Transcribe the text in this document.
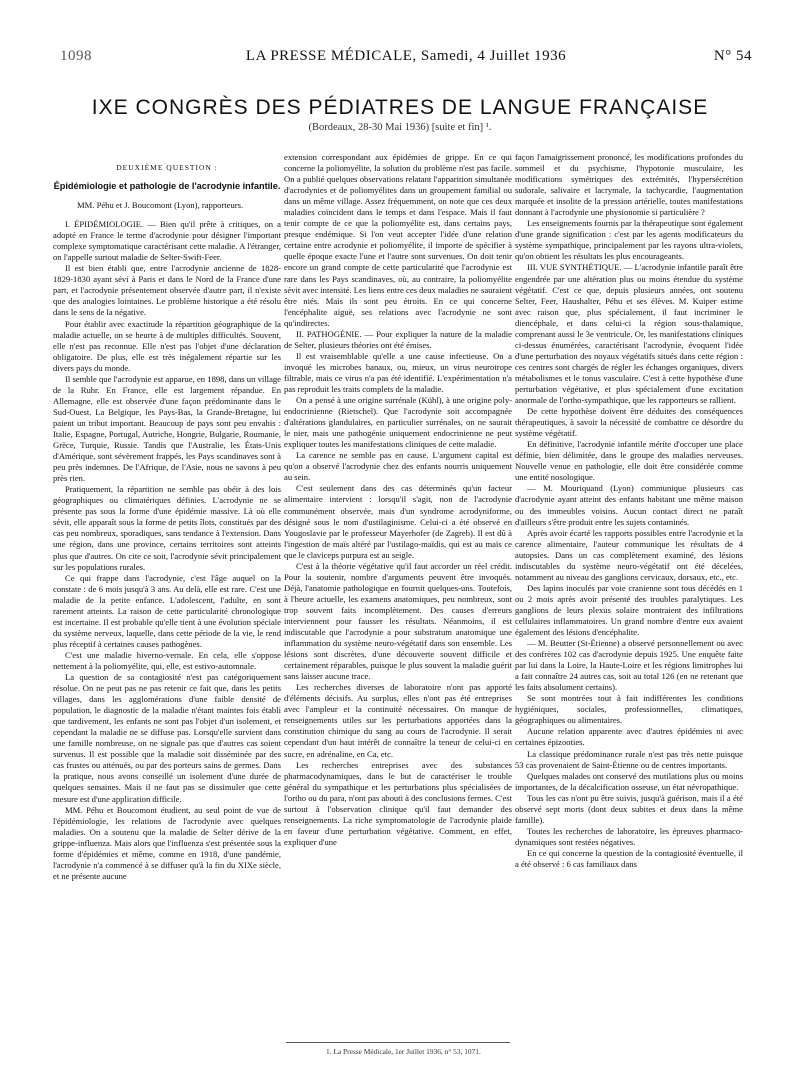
1098	LA PRESSE MÉDICALE, Samedi, 4 Juillet 1936	N° 54
IXE CONGRÈS DES PÉDIATRES DE LANGUE FRANÇAISE
(Bordeaux, 28-30 Mai 1936) [suite et fin] ¹.
DEUXIÈME QUESTION :
Épidémiologie et pathologie de l'acrodynie infantile.

MM. Péhu et J. Boucomont (Lyon), rapporteurs.

I. ÉPIDÉMIOLOGIE. — Bien qu'il prête à critiques, on a adopté en France le terme d'acrodynie pour désigner l'important complexe symptomatique caractérisant cette maladie. A l'étranger, on l'appelle surtout maladie de Selter-Swift-Feer.

Il est bien établi que, entre l'acrodynie ancienne de 1828-1829-1830 ayant sévi à Paris et dans le Nord de la France d'une part, et l'acrodynie présentement observée d'autre part, il n'existe que des analogies lointaines. Le problème historique a été résolu dans le sens de la négative.

Pour établir avec exactitude la répartition géographique de la maladie actuelle, on se heurte à de multiples difficultés. Souvent, elle n'est pas reconnue. Elle n'est pas l'objet d'une déclaration obligatoire. De plus, elle est très inégalement répartie sur les divers pays du monde.

Il semble que l'acrodynie est apparue, en 1898, dans un village de la Ruhr. En France, elle est largement répandue. En Allemagne, elle est observée d'une façon prédominante dans le Sud-Ouest. La Belgique, les Pays-Bas, la Grande-Bretagne, lui paient un tribut important. Beaucoup de pays sont peu envahis : Italie, Espagne, Portugal, Autriche, Hongrie, Bulgarie, Roumanie, Grèce, Turquie, Russie. Tandis que l'Australie, les États-Unis d'Amérique, sont sévèrement frappés, les Pays scandinaves sont à peu près indemnes. De l'Afrique, de l'Asie, nous ne savons à peu près rien.

Pratiquement, la répartition ne semble pas obéir à des lois géographiques ou climatériques définies. L'acrodynie ne se présente pas sous la forme d'une épidémie massive. Là où elle sévit, elle apparaît sous la forme de petits îlots, constitués par des cas peu nombreux, sporadiques, sans tendance à l'extension. Dans une région, dans une province, certains territoires sont atteints plus que d'autres. On cite ce soit, l'acrodynie sévit principalement sur les populations rurales.

Ce qui frappe dans l'acrodynie, c'est l'âge auquel on la constate : de 6 mois jusqu'à 3 ans. Au delà, elle est rare. C'est une maladie de la petite enfance. L'adolescent, l'adulte, en sont rarement atteints. La raison de cette particularité chronologique est incertaine. Il est probable qu'elle tient à une évolution spéciale du système nerveux, laquelle, dans cette période de la vie, le rend plus réceptif à certaines causes pathogènes.

C'est une maladie hiverno-vernale. En cela, elle s'oppose nettement à la poliomyélite, qui, elle, est estivo-automnale.

La question de sa contagiosité n'est pas catégoriquement résolue. On ne peut pas ne pas retenir ce fait que, dans les petits villages, dans les agglomérations d'une faible densité de population, le diagnostic de la maladie n'étant maintes fois établi que tardivement, les enfants ne sont pas l'objet d'un isolement, et cependant la maladie ne se diffuse pas. Lorsqu'elle survient dans une famille nombreuse, on ne signale pas que d'autres cas soient survenus. Il est possible que la maladie soit disséminée par des cas frustes ou atténués, ou par des porteurs sains de germes. Dans la pratique, nous avons conseillé un isolement d'une durée de quelques semaines. Mais il ne faut pas se dissimuler que cette mesure est d'une application difficile.

MM. Péhu et Boucomont étudient, au seul point de vue de l'épidémiologie, les relations de l'acrodynie avec quelques maladies. On a soutenu que la maladie de Selter dérive de la grippe-influenza. Mais alors que l'influenza s'est présentée sous la forme d'épidémies et même, comme en 1918, d'une pandémie, l'acrodynie n'a commencé à se diffuser qu'à la fin du XIXe siècle, et ne présente aucune

extension correspondant aux épidémies de grippe. En ce qui concerne la poliomyélite, la solution du problème n'est pas facile. On a publié quelques observations relatant l'apparition simultanée d'acrodynies et de poliomyélites dans un groupement familial ou dans un même village. Assez fréquemment, on note que ces deux maladies coïncident dans le temps et dans l'espace. Mais il faut tenir compte de ce que la poliomyélite est, dans certains pays, presque endémique. Si l'on veut accepter l'idée d'une relation certaine entre acrodynie et poliomyélite, il importe de spécifier à quelle époque exacte l'une et l'autre sont survenues. On doit tenir encore un grand compte de cette particularité que l'acrodynie est rare dans les Pays scandinaves, où, au contraire, la poliomyélite sévit avec intensité. Les liens entre ces deux maladies ne sauraient être niés. Mais ils sont peu étroits. En ce qui concerne l'encéphalite aiguë, ses relations avec l'acrodynie ne sont qu'indirectes.

II. PATHOGÉNIE. — Pour expliquer la nature de la maladie de Selter, plusieurs théories ont été émises.

Il est vraisemblable qu'elle a une cause infectieuse. On a invoqué les microbes banaux, ou, mieux, un virus neurotrope filtrable, mais ce virus n'a pas été identifié. L'expérimentation n'a pas reproduit les traits complets de la maladie.

On a pensé à une origine surrénale (Kühl), à une origine poly-endocrinienne (Rietschel). Que l'acrodynie soit accompagnée d'altérations glandulaires, en particulier surrénales, on ne saurait le nier, mais une pathogénie uniquement endocrinienne ne peut expliquer toutes les manifestations cliniques de cette maladie.

La carence ne semble pas en cause. L'argument capital est qu'on a observé l'acrodynie chez des enfants nourris uniquement au sein.

C'est seulement dans des cas déterminés qu'un facteur alimentaire intervient : lorsqu'il s'agit, non de l'acrodynie communément observée, mais d'un syndrome acrodyniforme, désigné sous le nom d'ustilaginisme. Celui-ci a été observé en Yougoslavie par le professeur Mayerhofer (de Zagreb). Il est dû à l'ingestion de maïs altéré par l'ustilago-maïdis, qui est au maïs ce que le claviceps purpura est au seigle.

C'est à la théorie végétative qu'il faut accorder un réel crédit. Pour la soutenir, nombre d'arguments peuvent être invoqués. Déjà, l'anatomie pathologique en fournit quelques-uns. Toutefois, à l'heure actuelle, les examens anatomiques, peu nombreux, sont trop souvent faits incomplètement. Des causes d'erreurs interviennent pour fausser les résultats. Néanmoins, il est indiscutable que l'acrodynie a pour substratum anatomique une inflammation du système neuro-végétatif dans son ensemble. Les lésions sont discrètes, d'une découverte souvent difficile et certainement réparables, puisque le plus souvent la maladie guérit sans laisser aucune trace.

Les recherches diverses de laboratoire n'ont pas apporté d'éléments décisifs. Au surplus, elles n'ont pas été entreprises avec l'ampleur et la continuité nécessaires. On manque de renseignements utiles sur les perturbations apportées dans la constitution chimique du sang au cours de l'acrodynie. Il serait cependant d'un haut intérêt de connaître la teneur de celui-ci en sucre, en adrénaline, en Ca, etc.

Les recherches entreprises avec des substances pharmacodynamiques, dans le but de caractériser le trouble général du sympathique et les perturbations plus spécialisées de l'ortho ou du para, n'ont pas abouti à des conclusions fermes. C'est surtout à l'observation clinique qu'il faut demander des renseignements. La riche symptomatologie de l'acrodynie plaide en faveur d'une perturbation végétative. Comment, en effet, expliquer d'une

façon l'amaigrissement prononcé, les modifications profondes du sommeil et du psychisme, l'hypotonie musculaire, les modifications symétriques des extrémités, l'hypersécrétion sudorale, salivaire et lacrymale, la tachycardie, l'augmentation marquée et insolite de la pression artérielle, toutes manifestations donnant à l'acrodynie une physionomie si particulière ?

Les enseignements fournis par la thérapeutique sont également d'une grande signification : c'est par les agents modificateurs du système sympathique, principalement par les rayons ultra-violets, qu'on obtient les résultats les plus encourageants.

III. VUE SYNTHÉTIQUE. — L'acrodynie infantile paraît être engendrée par une altération plus ou moins étendue du système végétatif. C'est ce que, depuis plusieurs années, ont soutenu Selter, Feer, Haushalter, Péhu et ses élèves. M. Kuiper estime avec raison que, plus spécialement, il faut incriminer le diencéphale, et dans celui-ci la région sous-thalamique, comprenant aussi le 3e ventricule. Or, les manifestations cliniques ci-dessus énumérées, caractérisant l'acrodynie, évoquent l'idée d'une perturbation des noyaux végétatifs situés dans cette région : ces centres sont chargés de régler les échanges organiques, divers métabolismes et le tonus vasculaire. C'est à cette hypothèse d'une perturbation végétative, et plus spécialement d'une excitation anormale de l'ortho-sympathique, que les rapporteurs se rallient.

De cette hypothèse doivent être déduites des conséquences thérapeutiques, à savoir la nécessité de combattre ce désordre du système végétatif.

En définitive, l'acrodynie infantile mérite d'occuper une place définie, bien délimitée, dans le groupe des maladies nerveuses. Nouvelle venue en pathologie, elle doit être considérée comme une entité nosologique.

— M. Mouriquand (Lyon) communique plusieurs cas d'acrodynie ayant atteint des enfants habitant une même maison ou des immeubles voisins. Aucun contact direct ne paraît d'ailleurs s'être produit entre les sujets contaminés.

Après avoir écarté les rapports possibles entre l'acrodynie et la carence alimentaire, l'auteur communique les résultats de 4 autopsies. Dans un cas complètement examiné, des lésions indiscutables du système neuro-végétatif ont été décelées, notamment au niveau des ganglions cervicaux, dorsaux, etc., etc.

Des lapins inoculés par voie cranienne sont tous décédés en 1 ou 2 mois après avoir présenté des troubles paralytiques. Les ganglions de leurs plexus solaire montraient des infiltrations cellulaires inflammatoires. Un grand nombre d'entre eux avaient également des lésions d'encéphalite.

— M. Beutter (St-Étienne) a observé personnellement ou avec des confrères 102 cas d'acrodynie depuis 1925. Une enquête faite par lui dans la Loire, la Haute-Loire et les régions limitrophes lui a fait connaître 24 autres cas, soit au total 126 (en ne retenant que les faits absolument certains).

Se sont montrées tout à fait indifférentes les conditions hygiéniques, sociales, professionnelles, climatiques, géographiques ou alimentaires.

Aucune relation apparente avec d'autres épidémies ni avec certaines épizooties.

La classique prédominance rurale n'est pas très nette puisque 53 cas provenaient de Saint-Étienne ou de centres importants.

Quelques malades ont conservé des mutilations plus ou moins importantes, de la décalcification osseuse, un état névropathique.

Tous les cas n'ont pu être suivis, jusqu'à guérison, mais il a été observé sept morts (dont deux subites et deux dans la même famille).

Toutes les recherches de laboratoire, les épreuves pharmaco-dynamiques sont restées négatives.

En ce qui concerne la question de la contagiosité éventuelle, il a été observé : 6 cas familiaux dans

1. La Presse Médicale, 1er Juillet 1936, n° 53, 1071.
